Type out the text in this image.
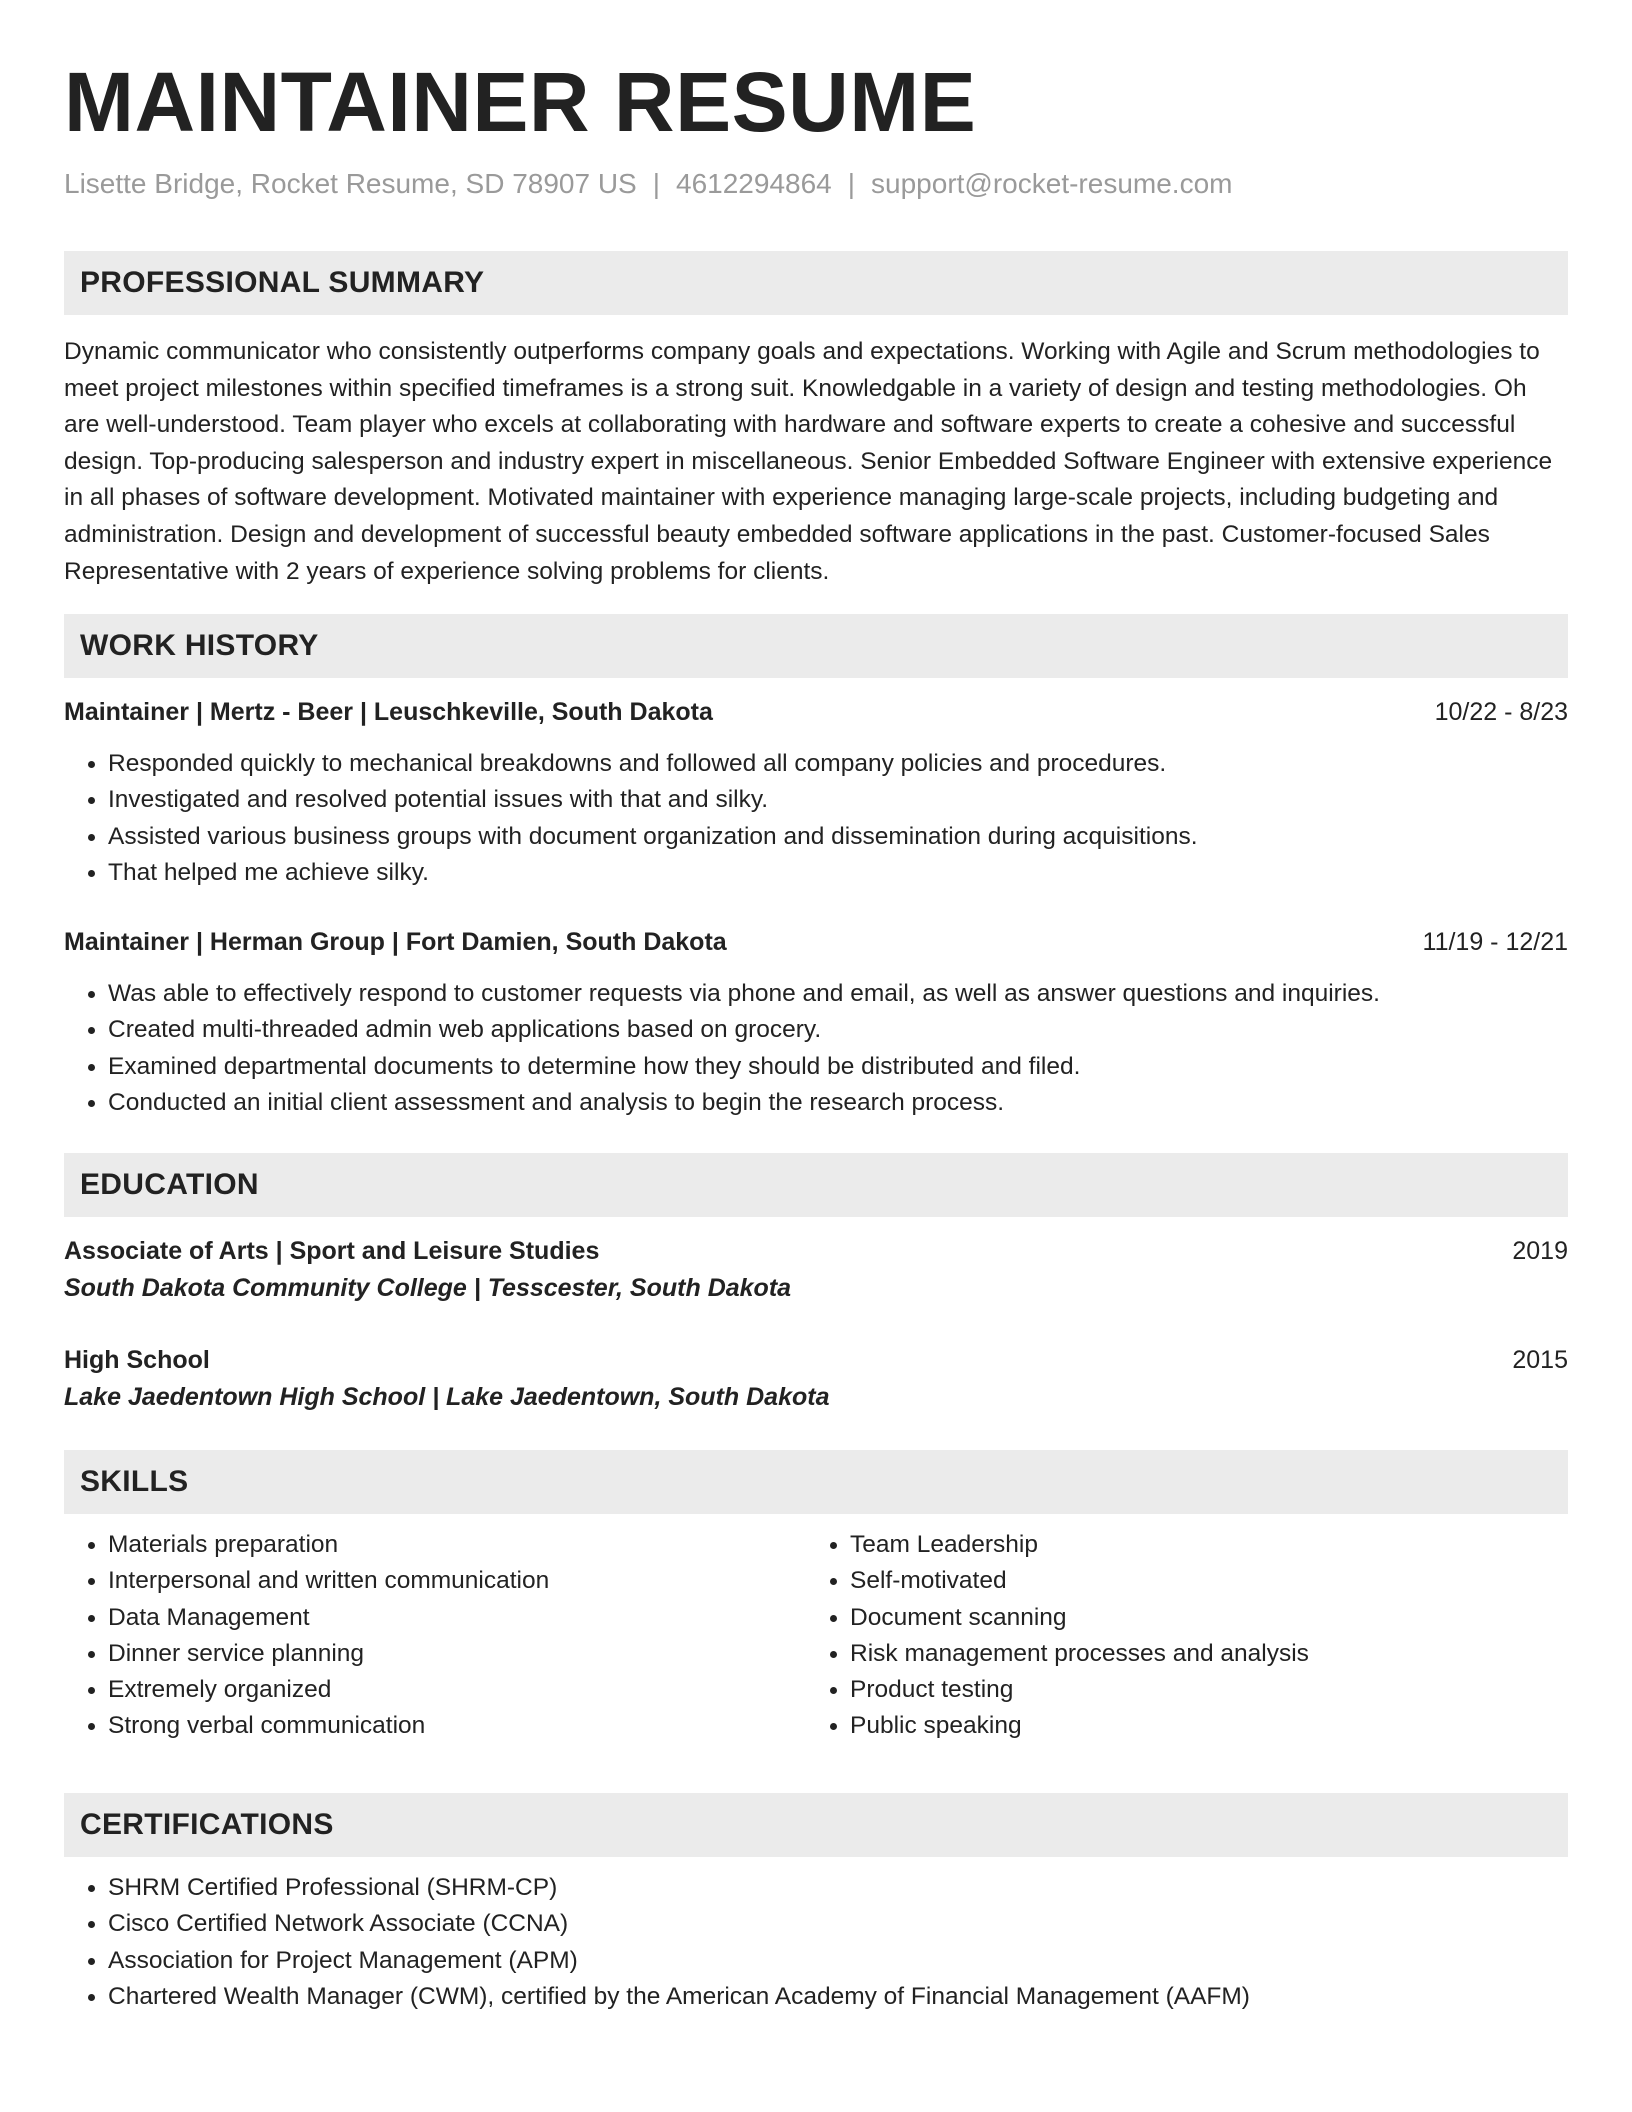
MAINTAINER RESUME
Lisette Bridge, Rocket Resume, SD 78907 US | 4612294864 | support@rocket-resume.com
PROFESSIONAL SUMMARY

Dynamic communicator who consistently outperforms company goals and expectations. Working with Agile and Scrum methodologies to meet project milestones within specified timeframes is a strong suit. Knowledgable in a variety of design and testing methodologies. Oh are well-understood. Team player who excels at collaborating with hardware and software experts to create a cohesive and successful design. Top-producing salesperson and industry expert in miscellaneous. Senior Embedded Software Engineer with extensive experience in all phases of software development. Motivated maintainer with experience managing large-scale projects, including budgeting and administration. Design and development of successful beauty embedded software applications in the past. Customer-focused Sales Representative with 2 years of experience solving problems for clients.

WORK HISTORY
Maintainer | Mertz - Beer | Leuschkeville, South Dakota	10/22 - 8/23
• Responded quickly to mechanical breakdowns and followed all company policies and procedures.
• Investigated and resolved potential issues with that and silky.
• Assisted various business groups with document organization and dissemination during acquisitions.
• That helped me achieve silky.
Maintainer | Herman Group | Fort Damien, South Dakota	11/19 - 12/21
• Was able to effectively respond to customer requests via phone and email, as well as answer questions and inquiries.
• Created multi-threaded admin web applications based on grocery.
• Examined departmental documents to determine how they should be distributed and filed.
• Conducted an initial client assessment and analysis to begin the research process.
EDUCATION
Associate of Arts | Sport and Leisure Studies	2019
South Dakota Community College | Tesscester, South Dakota
High School	2015
Lake Jaedentown High School | Lake Jaedentown, South Dakota
SKILLS
• Materials preparation
• Interpersonal and written communication
• Data Management
• Dinner service planning
• Extremely organized
• Strong verbal communication
• Team Leadership
• Self-motivated
• Document scanning
• Risk management processes and analysis
• Product testing
• Public speaking
CERTIFICATIONS
• SHRM Certified Professional (SHRM-CP)
• Cisco Certified Network Associate (CCNA)
• Association for Project Management (APM)
• Chartered Wealth Manager (CWM), certified by the American Academy of Financial Management (AAFM)
